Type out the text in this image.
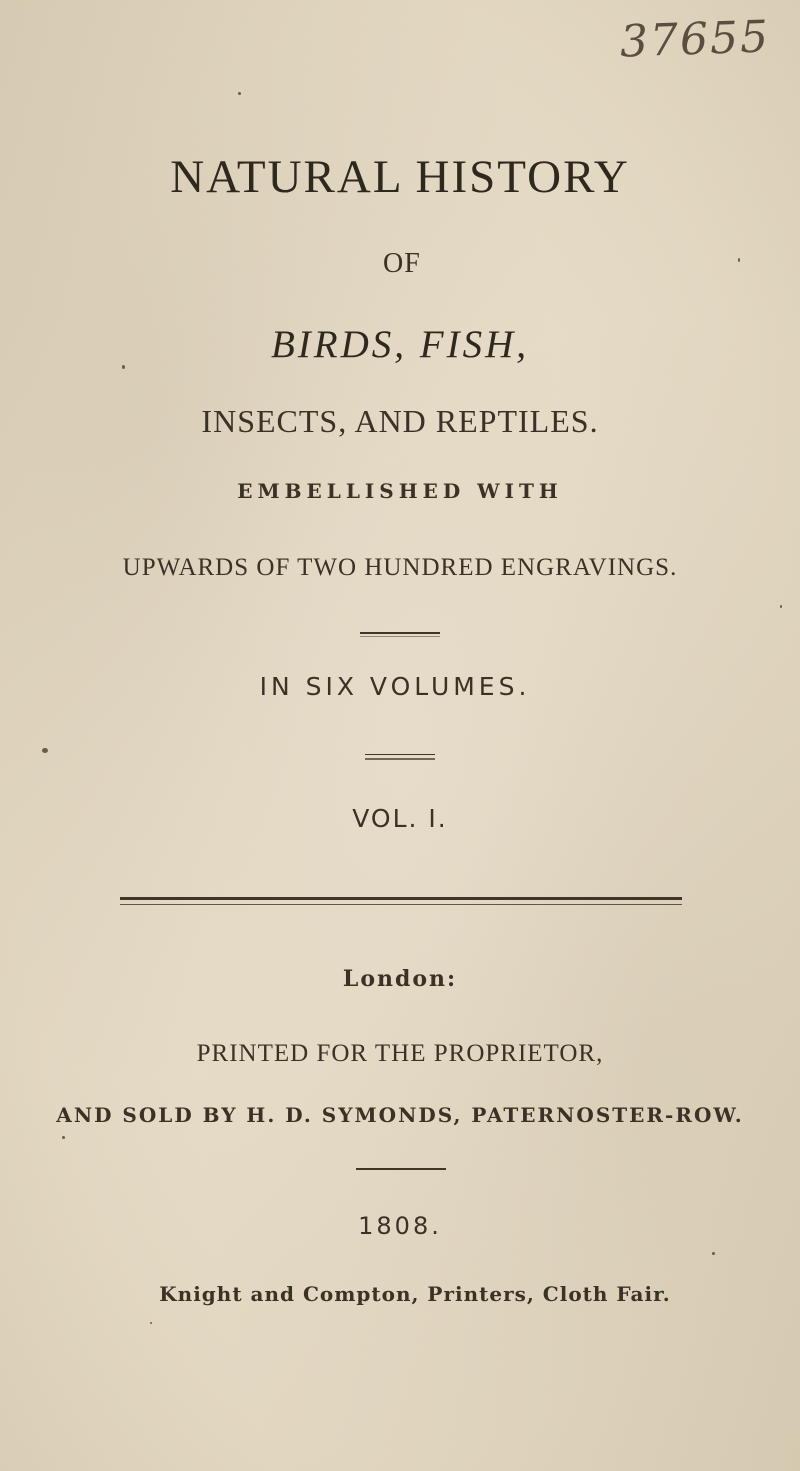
37655
NATURAL HISTORY
OF
BIRDS, FISH,
INSECTS, AND REPTILES.
EMBELLISHED WITH
UPWARDS OF TWO HUNDRED ENGRAVINGS.
IN SIX VOLUMES.
VOL. I.
London:
PRINTED FOR THE PROPRIETOR,
AND SOLD BY H. D. SYMONDS, PATERNOSTER-ROW.
1808.
Knight and Compton, Printers, Cloth Fair.
